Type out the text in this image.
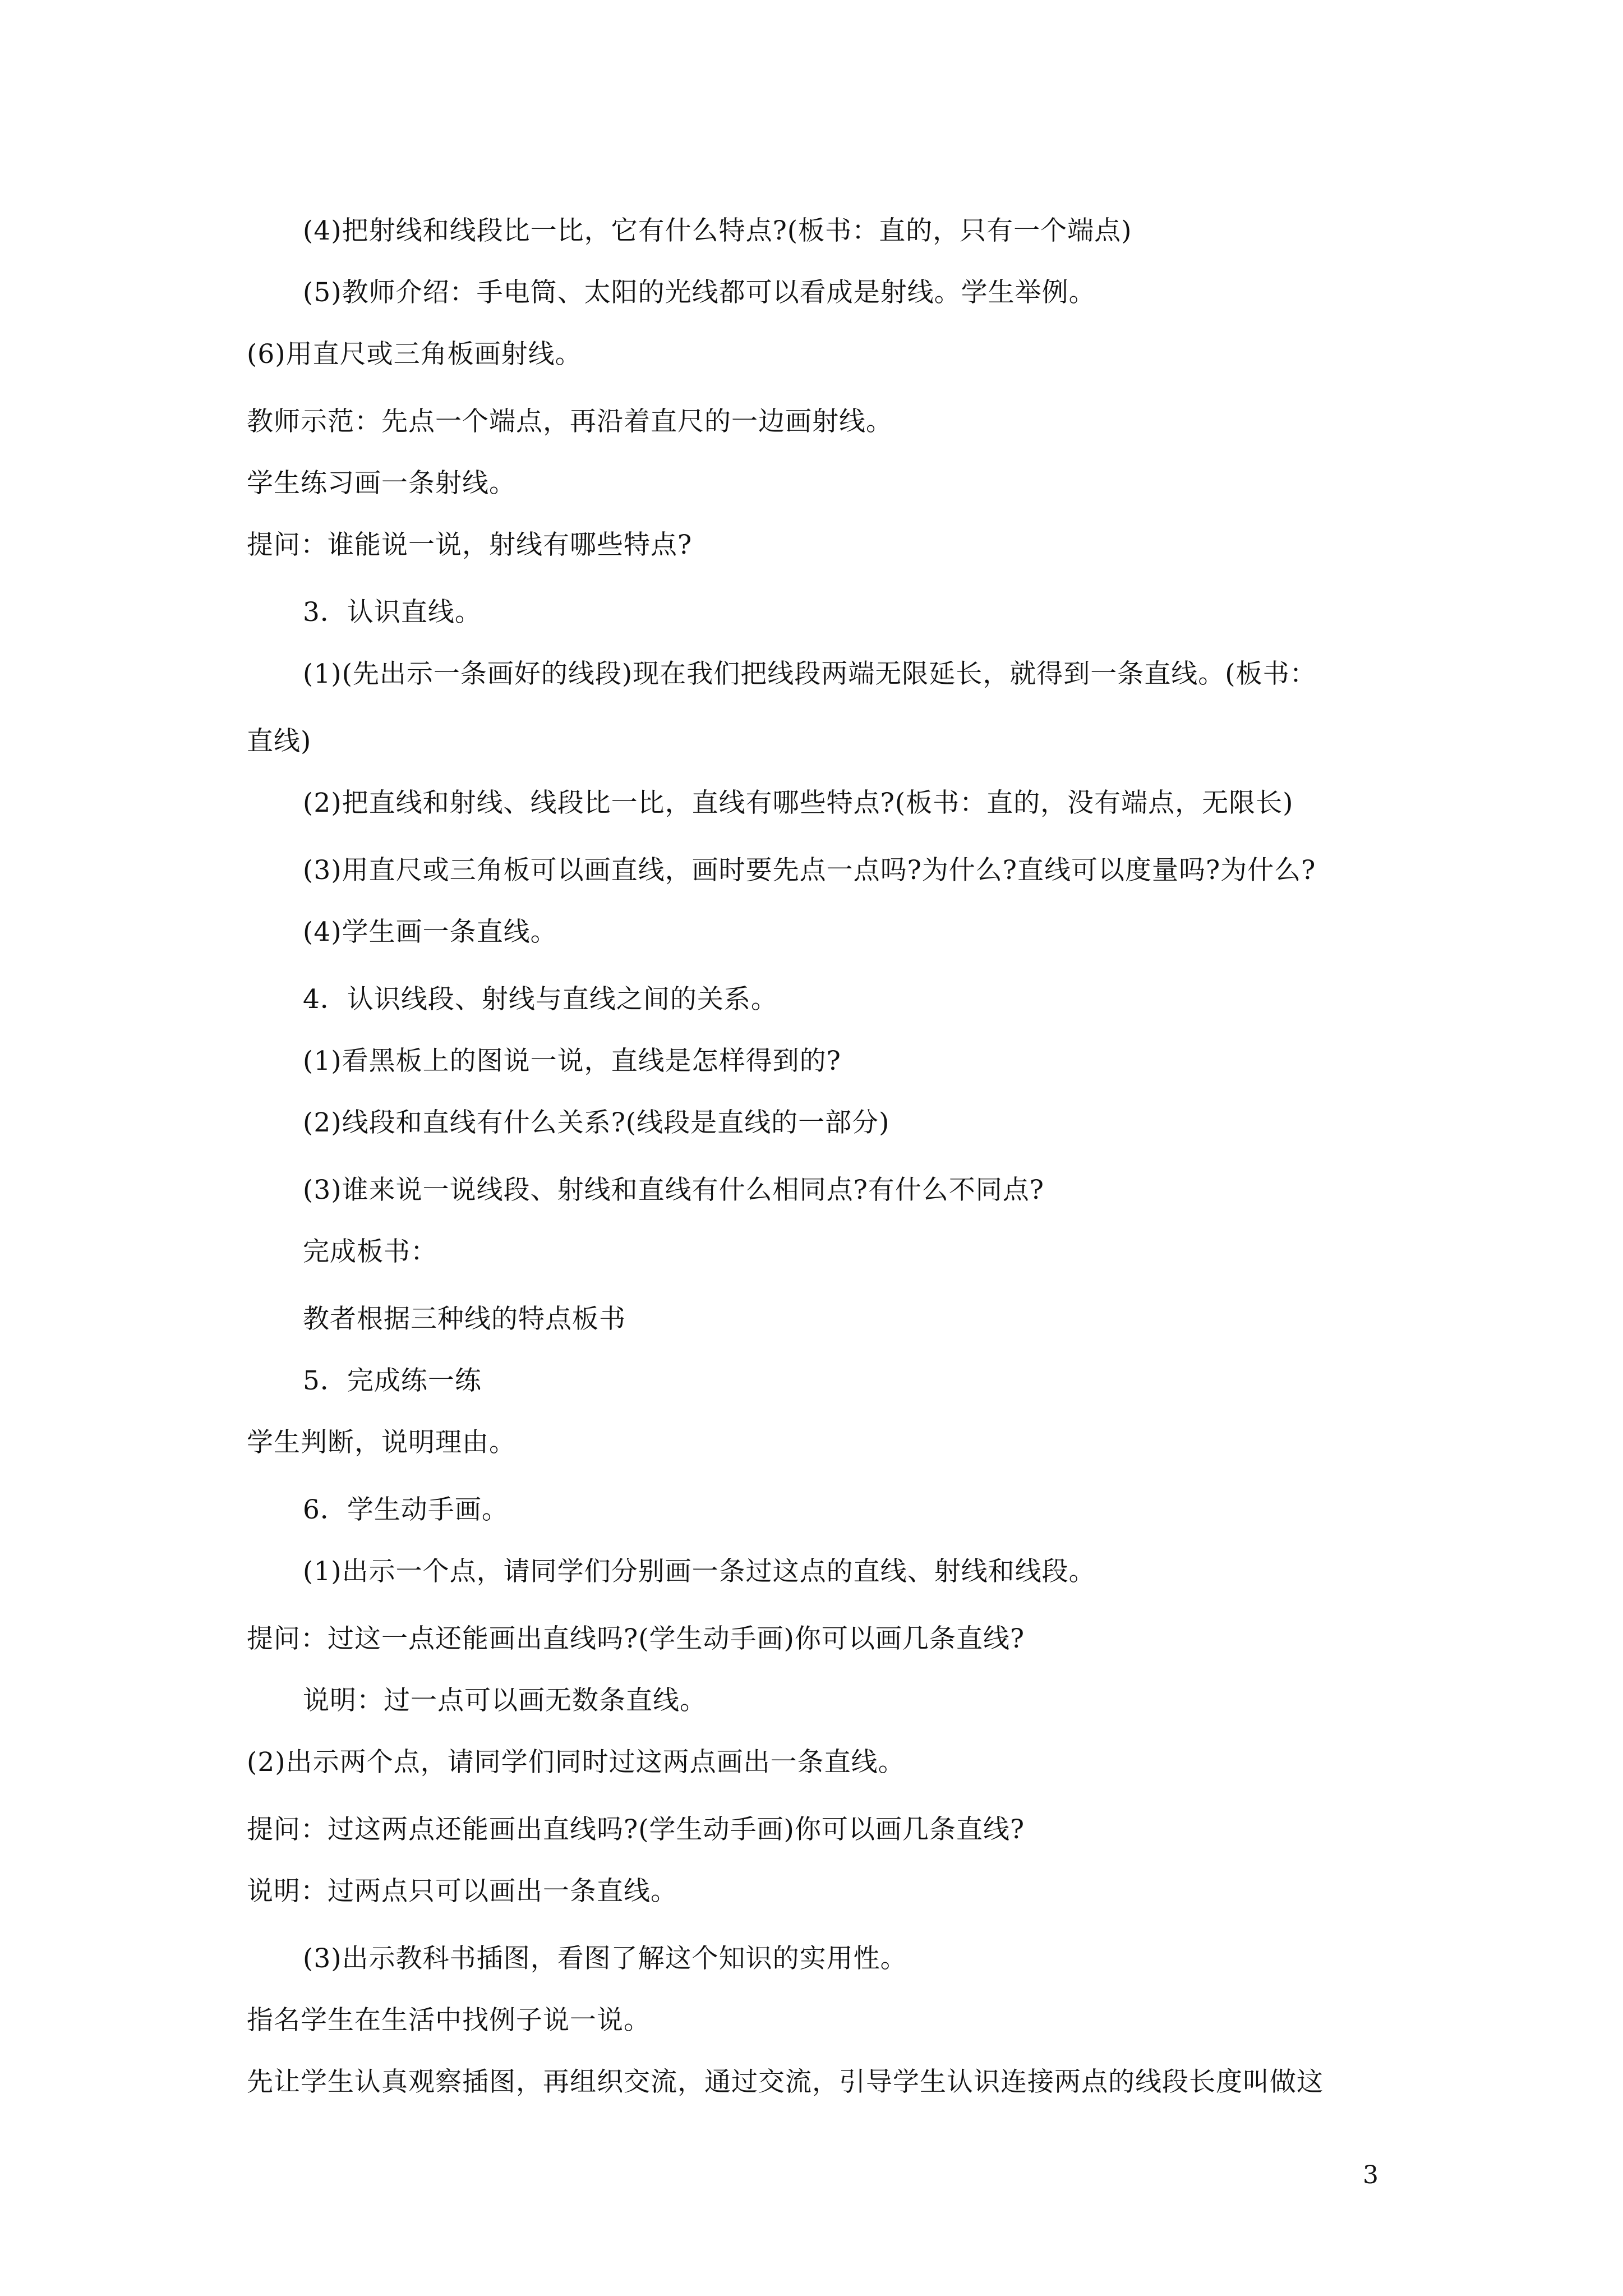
(4)把射线和线段比一比，它有什么特点?(板书：直的，只有一个端点)
(5)教师介绍：手电筒、太阳的光线都可以看成是射线。学生举例。
(6)用直尺或三角板画射线。
教师示范：先点一个端点，再沿着直尺的一边画射线。
学生练习画一条射线。
提问：谁能说一说，射线有哪些特点?
3．认识直线。
(1)(先出示一条画好的线段)现在我们把线段两端无限延长，就得到一条直线。(板书：
直线)
(2)把直线和射线、线段比一比，直线有哪些特点?(板书：直的，没有端点，无限长)
(3)用直尺或三角板可以画直线，画时要先点一点吗?为什么?直线可以度量吗?为什么?
(4)学生画一条直线。
4．认识线段、射线与直线之间的关系。
(1)看黑板上的图说一说，直线是怎样得到的?
(2)线段和直线有什么关系?(线段是直线的一部分)
(3)谁来说一说线段、射线和直线有什么相同点?有什么不同点?
完成板书：
教者根据三种线的特点板书
5．完成练一练
学生判断，说明理由。
6．学生动手画。
(1)出示一个点，请同学们分别画一条过这点的直线、射线和线段。
提问：过这一点还能画出直线吗?(学生动手画)你可以画几条直线?
说明：过一点可以画无数条直线。
(2)出示两个点，请同学们同时过这两点画出一条直线。
提问：过这两点还能画出直线吗?(学生动手画)你可以画几条直线?
说明：过两点只可以画出一条直线。
(3)出示教科书插图，看图了解这个知识的实用性。
指名学生在生活中找例子说一说。
先让学生认真观察插图，再组织交流，通过交流，引导学生认识连接两点的线段长度叫做这
3
